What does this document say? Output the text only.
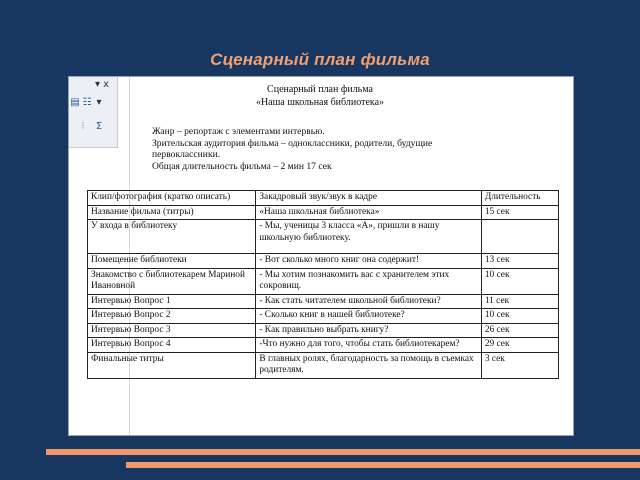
Сценарный план фильма
▾ x
▤ ☷ ▾
⁝	Σ
Сценарный план фильма
«Наша школьная библиотека»
Жанр – репортаж с элементами интервью.
Зрительская аудитория фильма – одноклассники, родители, будущие первоклассники.
Общая длительность фильма – 2 мин 17 сек
Клип/фотография (кратко описать)	Закадровый звук/звук в кадре	Длительность
Название фильма (титры)	«Наша школьная библиотека»	15 сек
У входа в библиотеку	- Мы, ученицы 3 класса «А», пришли в нашу школьную библиотеку.	
Помещение библиотеки	- Вот сколько много книг она содержит!	13 сек
Знакомство с библиотекарем Мариной Ивановной	- Мы хотим познакомить вас с хранителем этих сокровищ.	10 сек
Интервью Вопрос 1	- Как стать читателем школьной библиотеки?	11 сек
Интервью Вопрос 2	- Сколько книг в нашей библиотеке?	10 сек
Интервью Вопрос 3	- Как правильно выбрать книгу?	26 сек
Интервью Вопрос 4	-Что нужно для того, чтобы стать библиотекарем?	29 сек
Финальные титры	В главных ролях, благодарность за помощь в съемках родителям.	3 сек
